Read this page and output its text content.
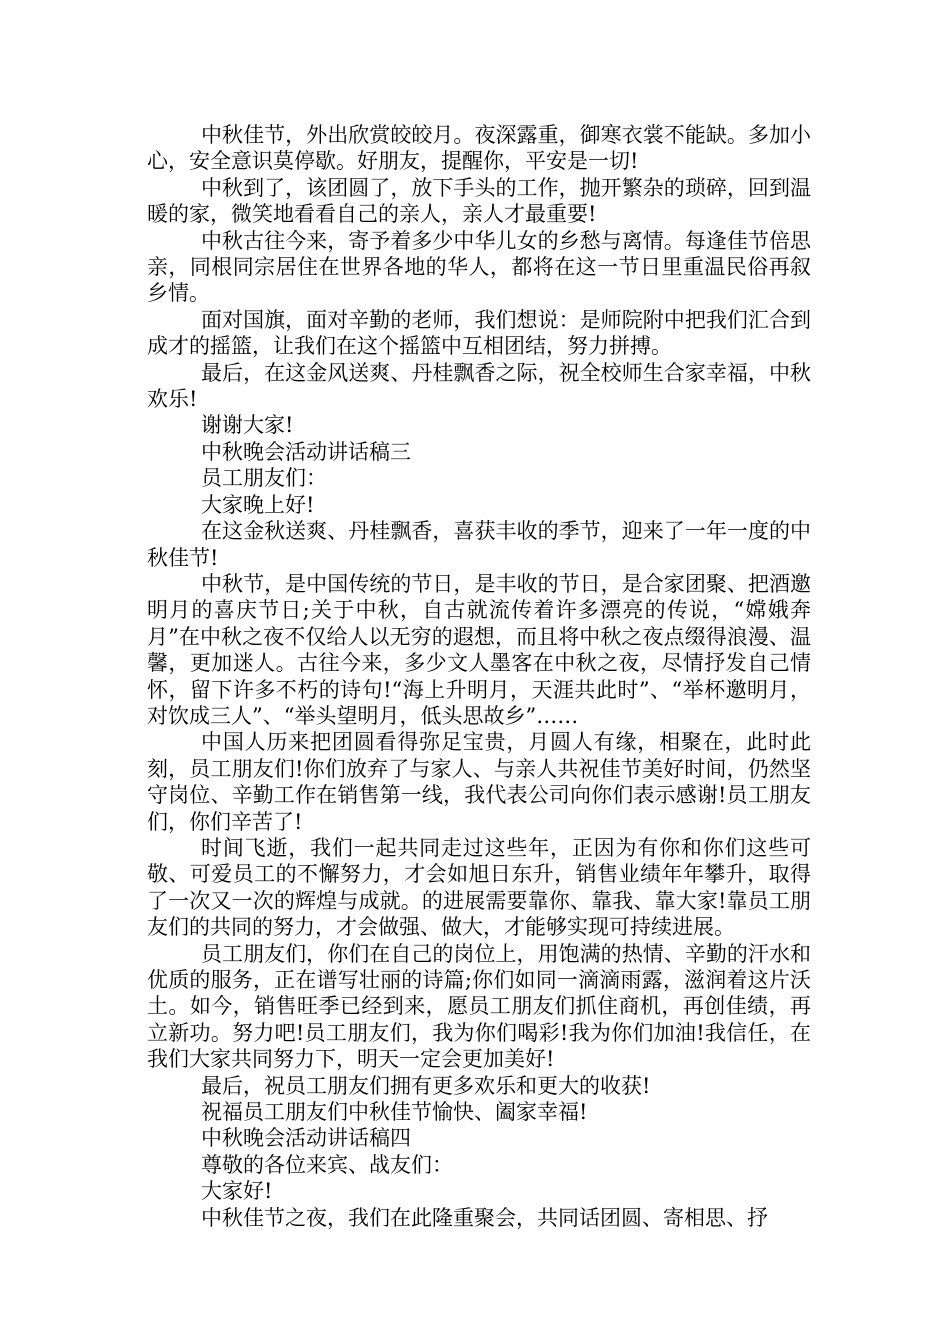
中秋佳节，外出欣赏皎皎月。夜深露重，御寒衣裳不能缺。多加小心，安全意识莫停歇。好朋友，提醒你，平安是一切!

中秋到了，该团圆了，放下手头的工作，抛开繁杂的琐碎，回到温暖的家，微笑地看看自己的亲人，亲人才最重要!

中秋古往今来，寄予着多少中华儿女的乡愁与离情。每逢佳节倍思亲，同根同宗居住在世界各地的华人，都将在这一节日里重温民俗再叙乡情。

面对国旗，面对辛勤的老师，我们想说：是师院附中把我们汇合到成才的摇篮，让我们在这个摇篮中互相团结，努力拼搏。

最后，在这金风送爽、丹桂飘香之际，祝全校师生合家幸福，中秋欢乐!

谢谢大家!

中秋晚会活动讲话稿三

员工朋友们：

大家晚上好!

在这金秋送爽、丹桂飘香，喜获丰收的季节，迎来了一年一度的中秋佳节!

中秋节，是中国传统的节日，是丰收的节日，是合家团聚、把酒邀明月的喜庆节日;关于中秋，自古就流传着许多漂亮的传说，“嫦娥奔月”在中秋之夜不仅给人以无穷的遐想，而且将中秋之夜点缀得浪漫、温馨，更加迷人。古往今来，多少文人墨客在中秋之夜，尽情抒发自己情怀，留下许多不朽的诗句!“海上升明月，天涯共此时”、“举杯邀明月，对饮成三人”、“举头望明月，低头思故乡”……

中国人历来把团圆看得弥足宝贵，月圆人有缘，相聚在，此时此刻，员工朋友们!你们放弃了与家人、与亲人共祝佳节美好时间，仍然坚守岗位、辛勤工作在销售第一线，我代表公司向你们表示感谢!员工朋友们，你们辛苦了!

时间飞逝，我们一起共同走过这些年，正因为有你和你们这些可敬、可爱员工的不懈努力，才会如旭日东升，销售业绩年年攀升，取得了一次又一次的辉煌与成就。的进展需要靠你、靠我、靠大家!靠员工朋友们的共同的努力，才会做强、做大，才能够实现可持续进展。

员工朋友们，你们在自己的岗位上，用饱满的热情、辛勤的汗水和优质的服务，正在谱写壮丽的诗篇;你们如同一滴滴雨露，滋润着这片沃土。如今，销售旺季已经到来，愿员工朋友们抓住商机，再创佳绩，再立新功。努力吧!员工朋友们，我为你们喝彩!我为你们加油!我信任，在我们大家共同努力下，明天一定会更加美好!

最后，祝员工朋友们拥有更多欢乐和更大的收获!

祝福员工朋友们中秋佳节愉快、阖家幸福!

中秋晚会活动讲话稿四

尊敬的各位来宾、战友们：

大家好!

中秋佳节之夜，我们在此隆重聚会，共同话团圆、寄相思、抒
